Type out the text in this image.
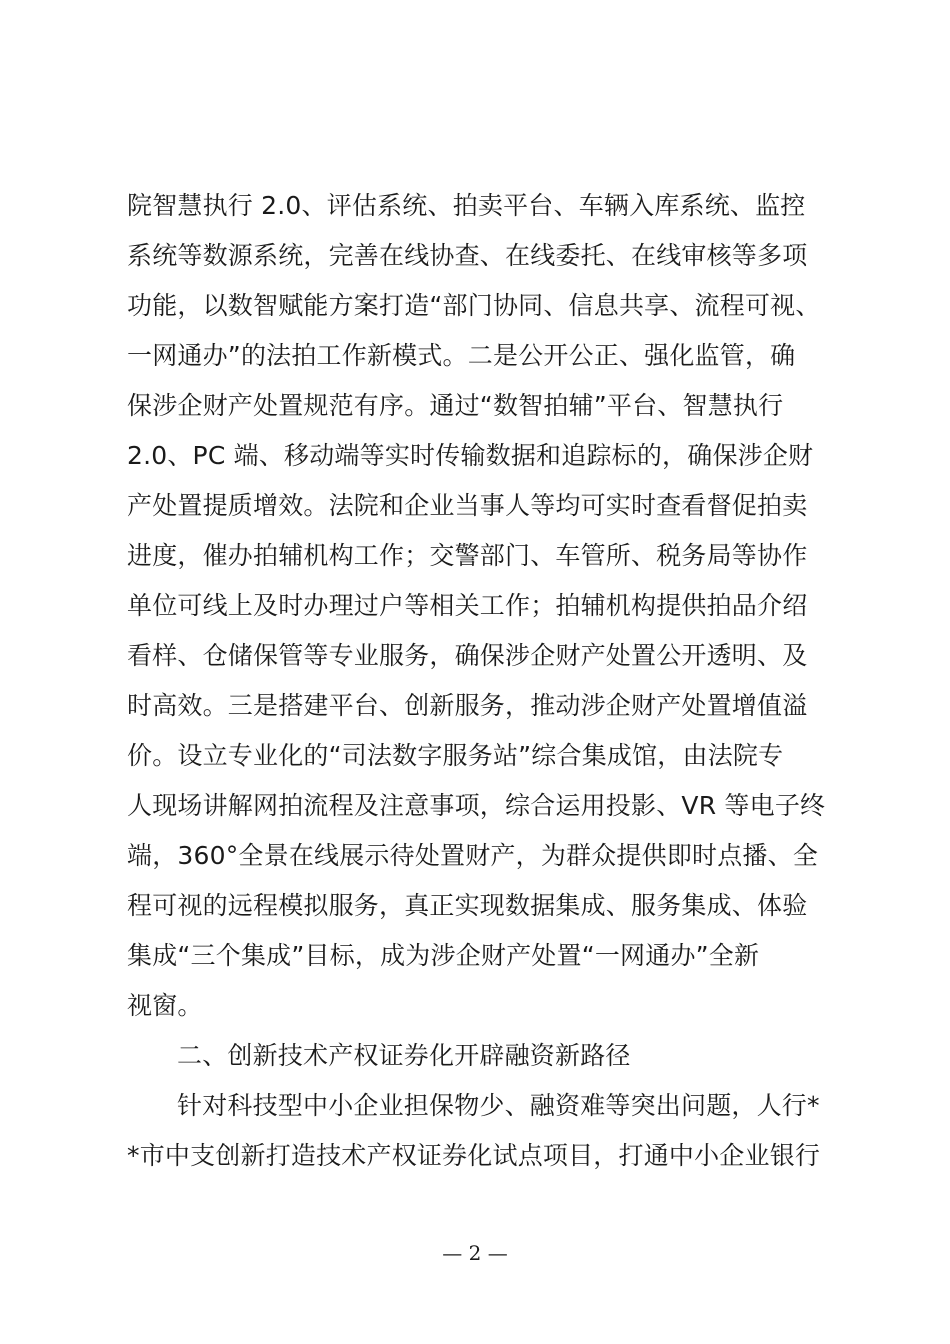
院智慧执行 2.0、评估系统、拍卖平台、车辆入库系统、监控
系统等数源系统，完善在线协查、在线委托、在线审核等多项
功能，以数智赋能方案打造“部门协同、信息共享、流程可视、
一网通办”的法拍工作新模式。二是公开公正、强化监管，确
保涉企财产处置规范有序。通过“数智拍辅”平台、智慧执行
2.0、PC 端、移动端等实时传输数据和追踪标的，确保涉企财
产处置提质增效。法院和企业当事人等均可实时查看督促拍卖
进度，催办拍辅机构工作；交警部门、车管所、税务局等协作
单位可线上及时办理过户等相关工作；拍辅机构提供拍品介绍
看样、仓储保管等专业服务，确保涉企财产处置公开透明、及
时高效。三是搭建平台、创新服务，推动涉企财产处置增值溢
价。设立专业化的“司法数字服务站”综合集成馆，由法院专
人现场讲解网拍流程及注意事项，综合运用投影、VR 等电子终
端，360°全景在线展示待处置财产，为群众提供即时点播、全
程可视的远程模拟服务，真正实现数据集成、服务集成、体验
集成“三个集成”目标，成为涉企财产处置“一网通办”全新
视窗。
二、创新技术产权证券化开辟融资新路径
针对科技型中小企业担保物少、融资难等突出问题，人行*
*市中支创新打造技术产权证券化试点项目，打通中小企业银行
— 2 —
